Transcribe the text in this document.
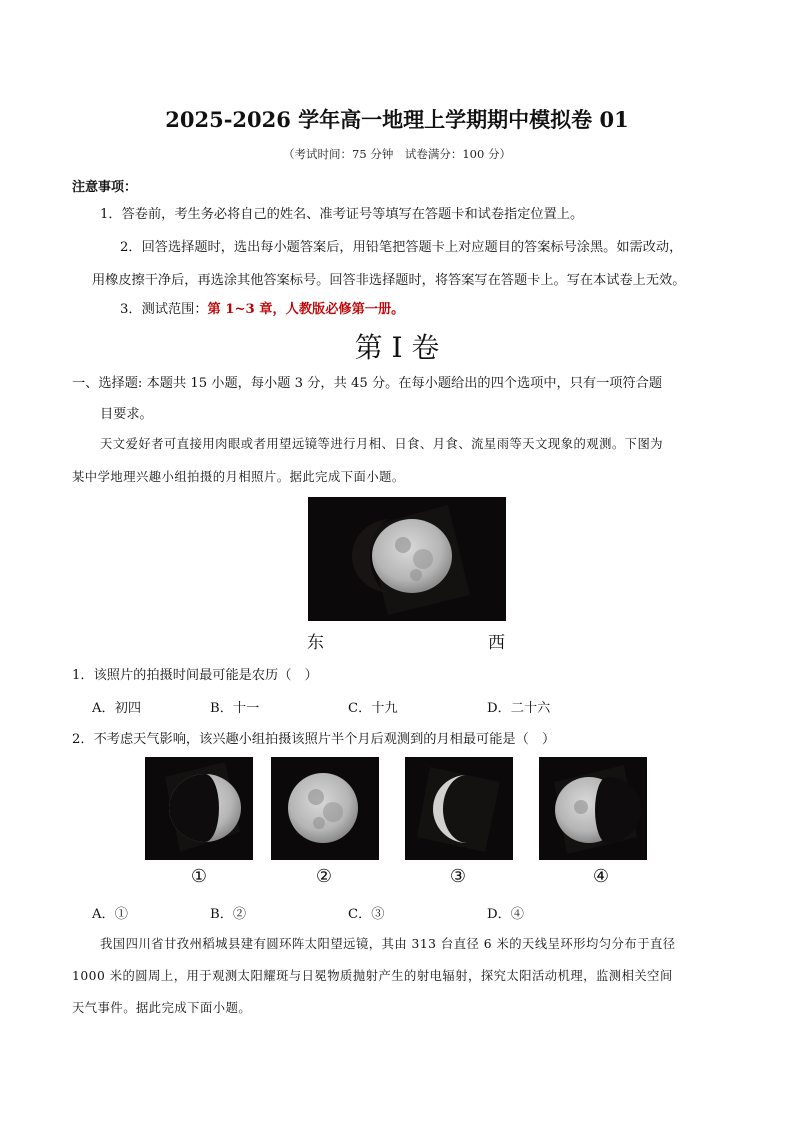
2025-2026 学年高一地理上学期期中模拟卷 01
（考试时间：75 分钟　试卷满分：100 分）
注意事项：
1．答卷前，考生务必将自己的姓名、准考证号等填写在答题卡和试卷指定位置上。
2．回答选择题时，选出每小题答案后，用铅笔把答题卡上对应题目的答案标号涂黑。如需改动，
用橡皮擦干净后，再选涂其他答案标号。回答非选择题时，将答案写在答题卡上。写在本试卷上无效。
3．测试范围：第 1~3 章，人教版必修第一册。
第 I 卷
一、选择题: 本题共 15 小题，每小题 3 分，共 45 分。在每小题给出的四个选项中，只有一项符合题
目要求。
天文爱好者可直接用肉眼或者用望远镜等进行月相、日食、月食、流星雨等天文现象的观测。下图为
某中学地理兴趣小组拍摄的月相照片。据此完成下面小题。
东	西
1．该照片的拍摄时间最可能是农历（　）
A．初四	B．十一	C．十九	D．二十六
2．不考虑天气影响，该兴趣小组拍摄该照片半个月后观测到的月相最可能是（　）
①	②	③	④
A．①	B．②	C．③	D．④
我国四川省甘孜州稻城县建有圆环阵太阳望远镜，其由 313 台直径 6 米的天线呈环形均匀分布于直径
1000 米的圆周上，用于观测太阳耀斑与日冕物质抛射产生的射电辐射，探究太阳活动机理，监测相关空间
天气事件。据此完成下面小题。
